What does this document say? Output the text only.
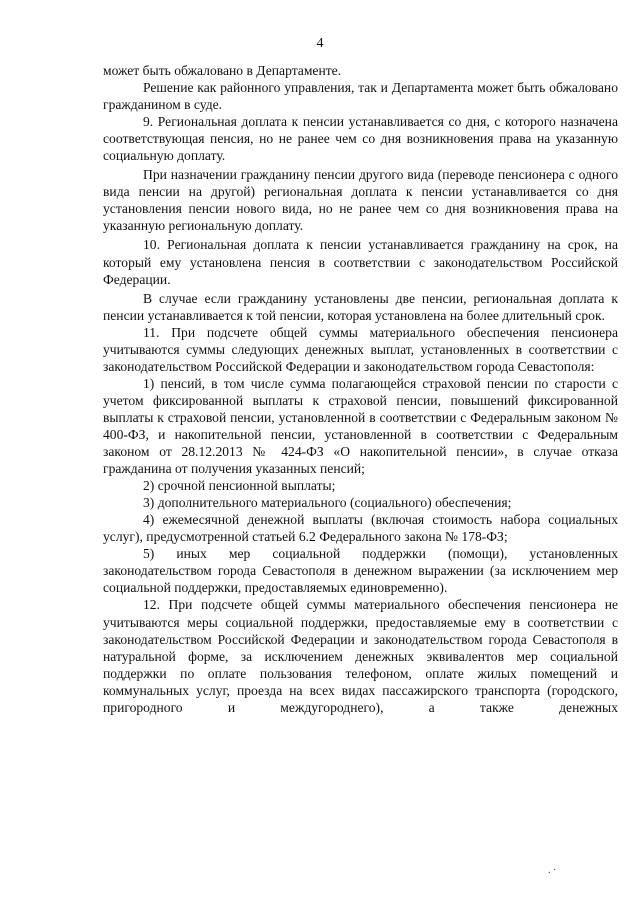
4

может быть обжаловано в Департаменте.

Решение как районного управления, так и Департамента может быть обжаловано гражданином в суде.

9. Региональная доплата к пенсии устанавливается со дня, с которого назначена соответствующая пенсия, но не ранее чем со дня возникновения права на указанную социальную доплату.

При назначении гражданину пенсии другого вида (переводе пенсионера с одного вида пенсии на другой) региональная доплата к пенсии устанавливается со дня установления пенсии нового вида, но не ранее чем со дня возникновения права на указанную региональную доплату.

10. Региональная доплата к пенсии устанавливается гражданину на срок, на который ему установлена пенсия в соответствии с законодательством Российской Федерации.

В случае если гражданину установлены две пенсии, региональная доплата к пенсии устанавливается к той пенсии, которая установлена на более длительный срок.

11. При подсчете общей суммы материального обеспечения пенсионера учитываются суммы следующих денежных выплат, установленных в соответствии с законодательством Российской Федерации и законодательством города Севастополя:

1) пенсий, в том числе сумма полагающейся страховой пенсии по старости с учетом фиксированной выплаты к страховой пенсии, повышений фиксированной выплаты к страховой пенсии, установленной в соответствии с Федеральным законом № 400-ФЗ, и накопительной пенсии, установленной в соответствии с Федеральным законом от 28.12.2013 № 424-ФЗ «О накопительной пенсии», в случае отказа гражданина от получения указанных пенсий;

2) срочной пенсионной выплаты;

3) дополнительного материального (социального) обеспечения;

4) ежемесячной денежной выплаты (включая стоимость набора социальных услуг), предусмотренной статьей 6.2 Федерального закона № 178-ФЗ;

5) иных мер социальной поддержки (помощи), установленных законодательством города Севастополя в денежном выражении (за исключением мер социальной поддержки, предоставляемых единовременно).

12. При подсчете общей суммы материального обеспечения пенсионера не учитываются меры социальной поддержки, предоставляемые ему в соответствии с законодательством Российской Федерации и законодательством города Севастополя в натуральной форме, за исключением денежных эквивалентов мер социальной поддержки по оплате пользования телефоном, оплате жилых помещений и коммунальных услуг, проезда на всех видах пассажирского транспорта (городского, пригородного и междугороднего), а также денежных

. ·
